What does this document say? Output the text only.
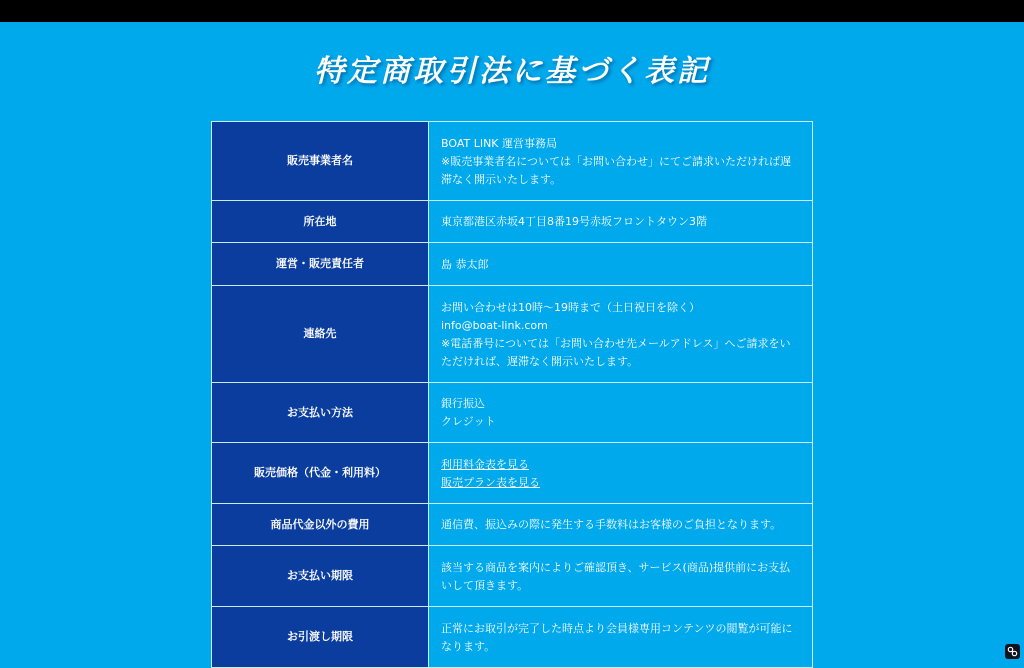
特定商取引法に基づく表記
販売事業者名	BOAT LINK 運営事務局
※販売事業者名については「お問い合わせ」にてご請求いただければ遅滞なく開示いたします。

所在地	東京都港区赤坂4丁目8番19号赤坂フロントタウン3階

運営・販売責任者	島 恭太郎

連絡先	お問い合わせは10時〜19時まで（土日祝日を除く）
info@boat-link.com
※電話番号については「お問い合わせ先メールアドレス」へご請求をいただければ、遅滞なく開示いたします。

お支払い方法	銀行振込
クレジット

販売価格（代金・利用料）	利用料金表を見る
販売プラン表を見る

商品代金以外の費用	通信費、振込みの際に発生する手数料はお客様のご負担となります。

お支払い期限	該当する商品を案内によりご確認頂き、サービス(商品)提供前にお支払いして頂きます。

お引渡し期限	正常にお取引が完了した時点より会員様専用コンテンツの閲覧が可能になります。
